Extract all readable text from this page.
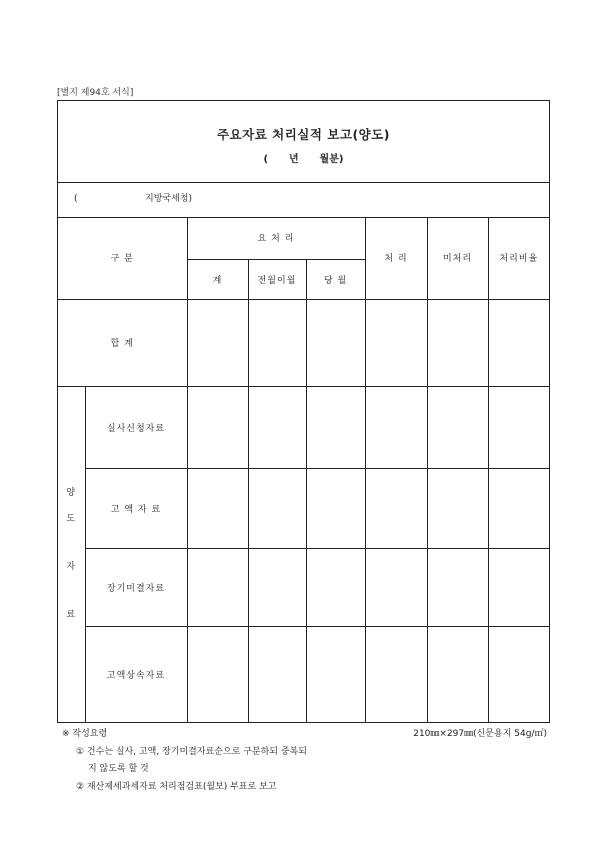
[별지 제94호 서식]
주요자료 처리실적 보고(양도)
(      년      월분)
(	지방국세청)
구 분		요 처 리			처 리	미처리	처리비율
		계	전월이월	당 월			
합 계							

양
도
자
료	실사신청자료						
	고 액 자 료						
	장기미결자료						
	고액상속자료						
※ 작성요령	210㎜×297㎜(신문용지 54g/㎡)
① 건수는 실사, 고액, 장기미결자료순으로 구분하되 중복되
지 않도록 할 것
② 재산제세과세자료 처리점검표(월보) 부표로 보고
